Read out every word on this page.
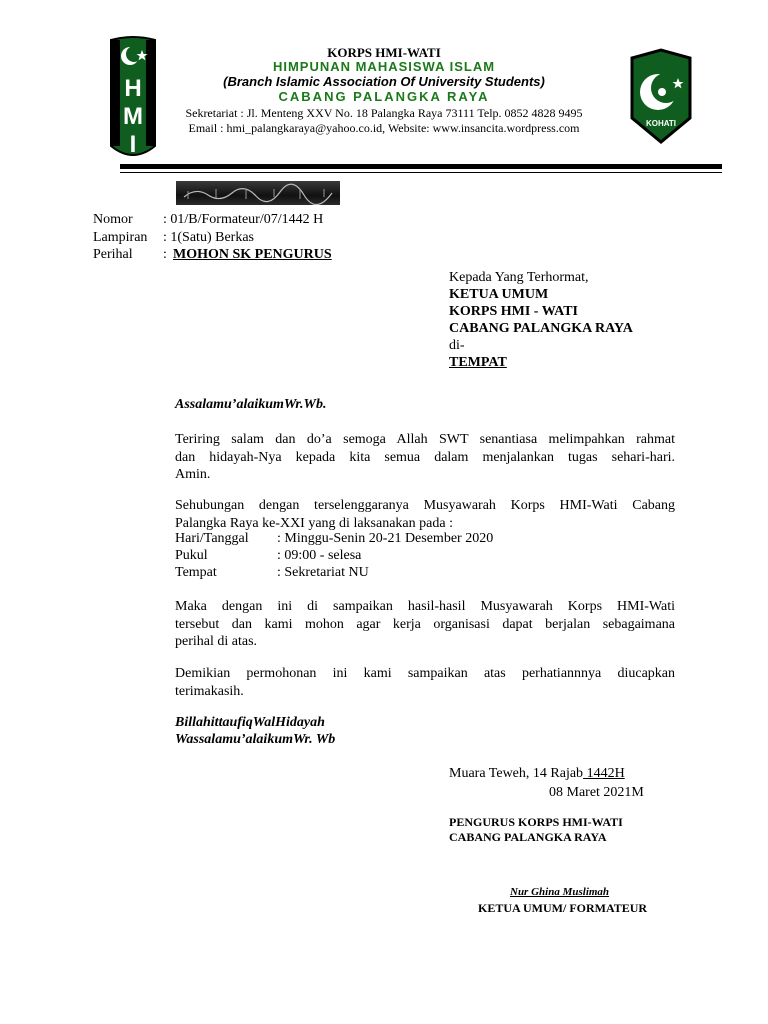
H
M
I
KORPS HMI-WATI
HIMPUNAN MAHASISWA ISLAM
(Branch Islamic Association Of University Students)
CABANG PALANGKA RAYA
Sekretariat : Jl. Menteng XXV No. 18 Palangka Raya 73111 Telp. 0852 4828 9495
Email : hmi_palangkaraya@yahoo.co.id, Website: www.insancita.wordpress.com	KOHATI
Nomor : 01/B/Formateur/07/1442 H
Lampiran : 1(Satu) Berkas
Perihal : MOHON SK PENGURUS
Kepada Yang Terhormat,
KETUA UMUM
KORPS HMI - WATI
CABANG PALANGKA RAYA
di-
TEMPAT
Assalamu’alaikumWr.Wb.
Teriring salam dan do’a semoga Allah SWT senantiasa melimpahkan rahmat
dan hidayah-Nya kepada kita semua dalam menjalankan tugas sehari-hari.
Amin.
Sehubungan dengan terselenggaranya Musyawarah Korps HMI-Wati Cabang
Palangka Raya ke-XXI yang di laksanakan pada :
Hari/Tanggal : Minggu-Senin 20-21 Desember 2020
Pukul	: 09:00 - selesa
Tempat	: Sekretariat NU
Maka dengan ini di sampaikan hasil-hasil Musyawarah Korps HMI-Wati
tersebut dan kami mohon agar kerja organisasi dapat berjalan sebagaimana
perihal di atas.
Demikian permohonan ini kami sampaikan atas perhatiannnya diucapkan
terimakasih.
BillahittaufiqWalHidayah
Wassalamu’alaikumWr. Wb
Muara Teweh, 14 Rajab 1442H
08 Maret 2021M
PENGURUS KORPS HMI-WATI
CABANG PALANGKA RAYA
Nur Ghina Muslimah
KETUA UMUM/ FORMATEUR
